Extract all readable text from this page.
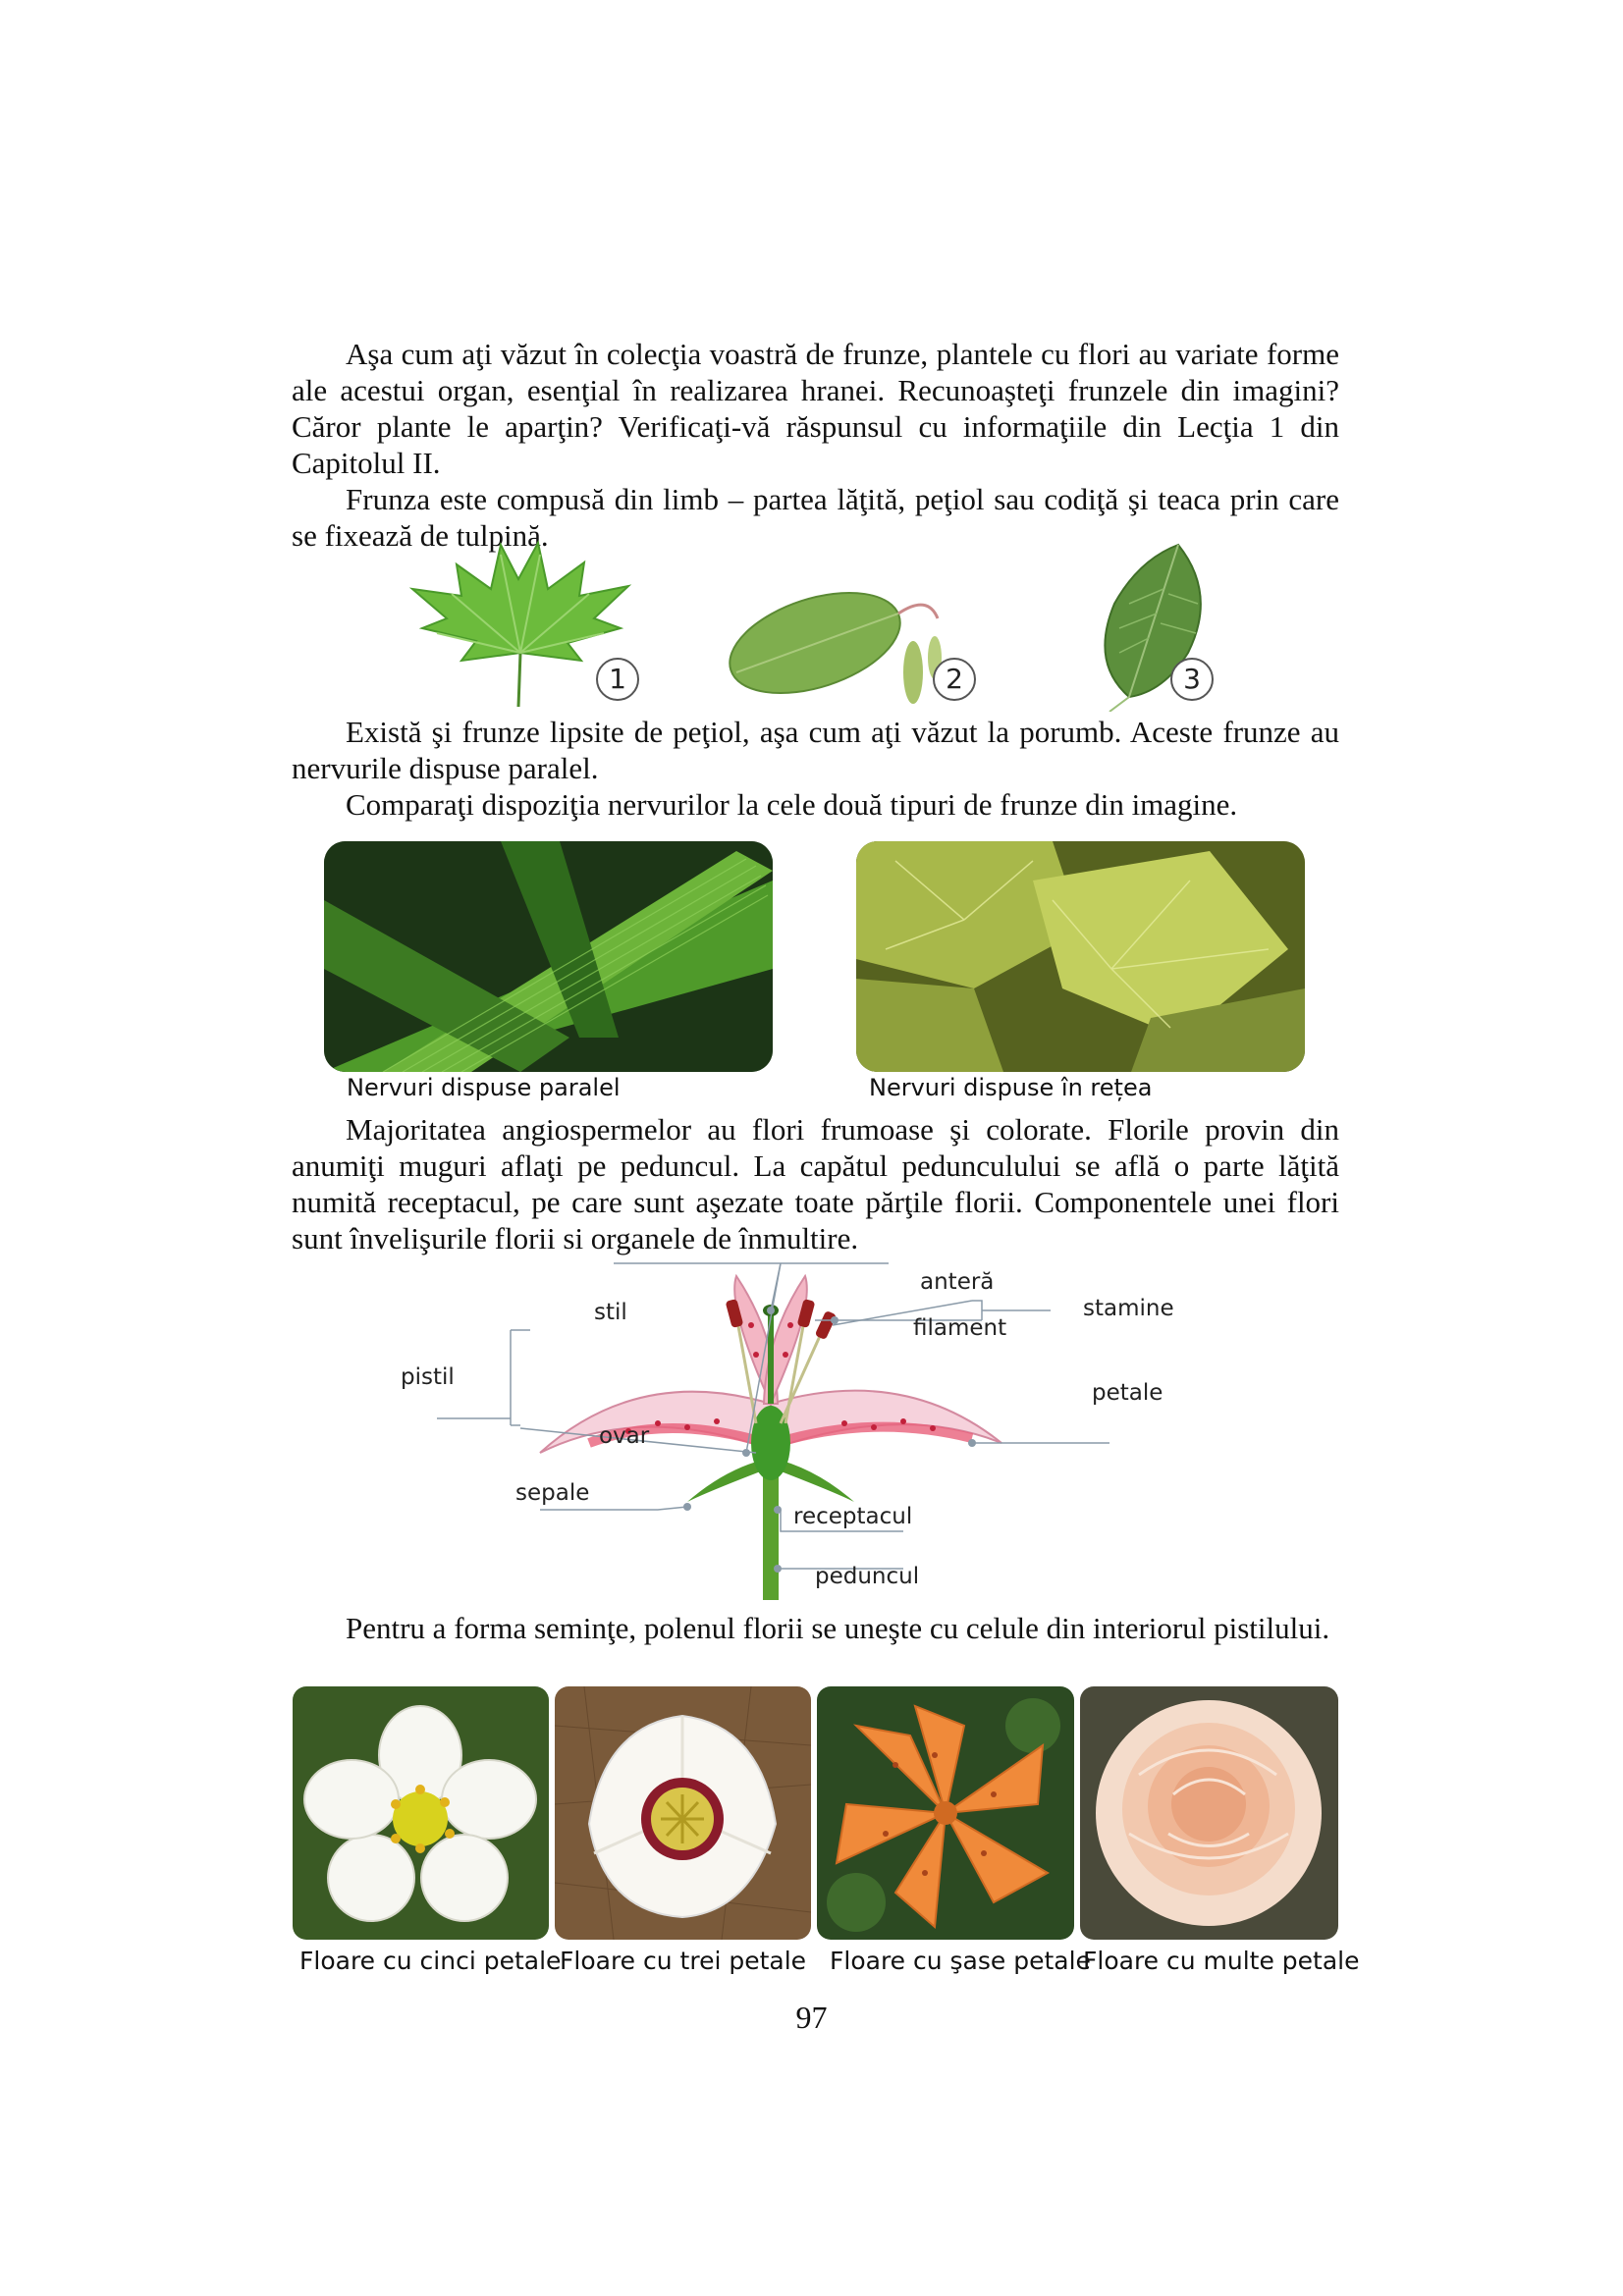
Aşa cum aţi văzut în colecţia voastră de frunze, plantele cu flori au variate forme ale acestui organ, esenţial în realizarea hranei. Recunoaşteţi frunzele din imagini? Căror plante le aparţin? Verificaţi-vă răspunsul cu informaţiile din Lecţia 1 din Capitolul II.

Frunza este compusă din limb – partea lăţită, peţiol sau codiţă şi teaca prin care se fixează de tulpină.

1	2	3

Există şi frunze lipsite de peţiol, aşa cum aţi văzut la porumb. Aceste frunze au nervurile dispuse paralel.

Comparaţi dispoziţia nervurilor la cele două tipuri de frunze din imagine.

Nervuri dispuse paralel	Nervuri dispuse în rețea

Majoritatea angiospermelor au flori frumoase şi colorate. Florile provin din anumiţi muguri aflaţi pe peduncul. La capătul pedunculului se află o parte lăţită numită receptacul, pe care sunt aşezate toate părţile florii. Componentele unei flori sunt învelişurile florii si organele de înmultire.

anteră
stil
filament
stamine
pistil
petale
ovar
sepale
receptacul
peduncul

Pentru a forma seminţe, polenul florii se uneşte cu celule din interiorul pistilului.

Floare cu cinci petale
Floare cu trei petale Floare cu şase petale
Floare cu multe petale
97
